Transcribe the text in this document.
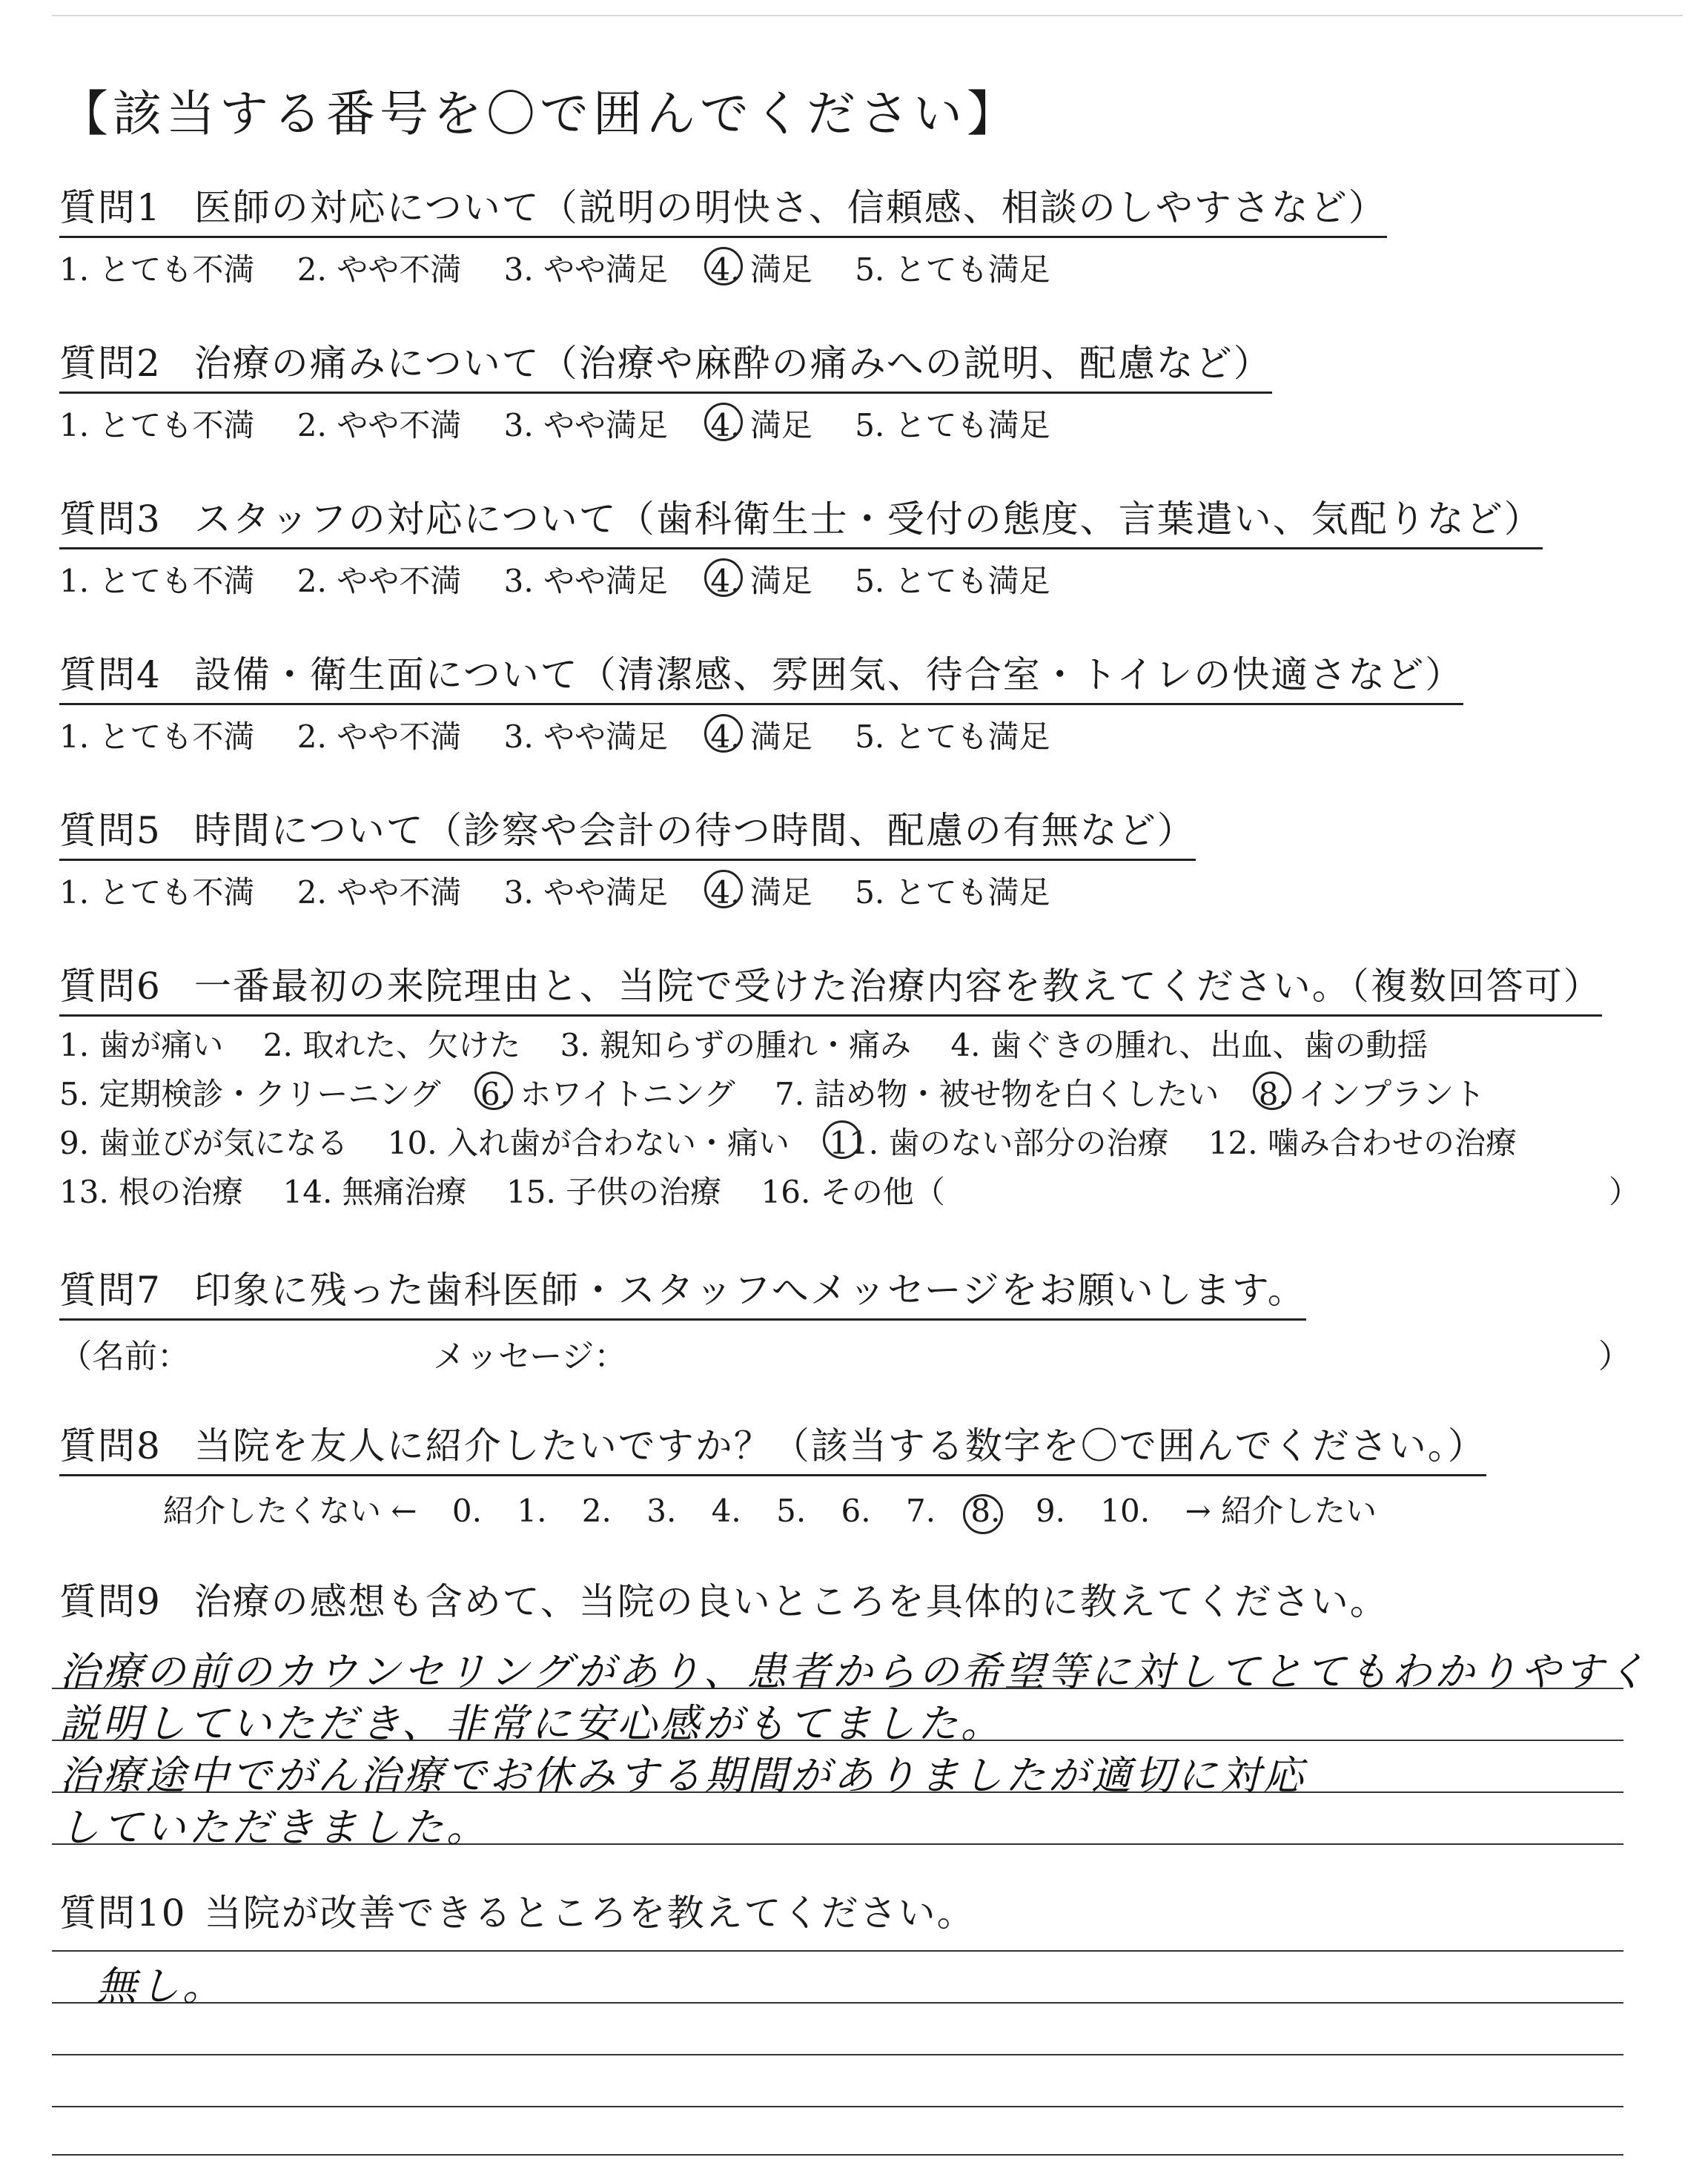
【該当する番号を〇で囲んでください】
質問1 医師の対応について（説明の明快さ、信頼感、相談のしやすさなど）
1. とても不満 2. やや不満 3. やや満足 4. 満足 5. とても満足
質問2 治療の痛みについて（治療や麻酔の痛みへの説明、配慮など）
1. とても不満 2. やや不満 3. やや満足 4. 満足 5. とても満足
質問3 スタッフの対応について（歯科衛生士・受付の態度、言葉遣い、気配りなど）
1. とても不満 2. やや不満 3. やや満足 4. 満足 5. とても満足
質問4 設備・衛生面について（清潔感、雰囲気、待合室・トイレの快適さなど）
1. とても不満 2. やや不満 3. やや満足 4. 満足 5. とても満足
質問5 時間について（診察や会計の待つ時間、配慮の有無など）
1. とても不満 2. やや不満 3. やや満足 4. 満足 5. とても満足
質問6 一番最初の来院理由と、当院で受けた治療内容を教えてください。（複数回答可）
1. 歯が痛い 2. 取れた、欠けた 3. 親知らずの腫れ・痛み 4. 歯ぐきの腫れ、出血、歯の動揺
5. 定期検診・クリーニング 6. ホワイトニング 7. 詰め物・被せ物を白くしたい 8. インプラント
9. 歯並びが気になる 10. 入れ歯が合わない・痛い 11. 歯のない部分の治療 12. 噛み合わせの治療
13. 根の治療 14. 無痛治療 15. 子供の治療 16. その他（	）
質問7 印象に残った歯科医師・スタッフへメッセージをお願いします。
（名前：	メッセージ：	）
質問8 当院を友人に紹介したいですか？（該当する数字を〇で囲んでください。）
紹介したくない ← 0. 1. 2. 3. 4. 5. 6. 7. 8. 9. 10. → 紹介したい
質問9 治療の感想も含めて、当院の良いところを具体的に教えてください。
治療の前のカウンセリングがあり、患者からの希望等に対してとてもわかりやすく
説明していただき、非常に安心感がもてました。
治療途中でがん治療でお休みする期間がありましたが適切に対応
していただきました。
質問10 当院が改善できるところを教えてください。
無し。
